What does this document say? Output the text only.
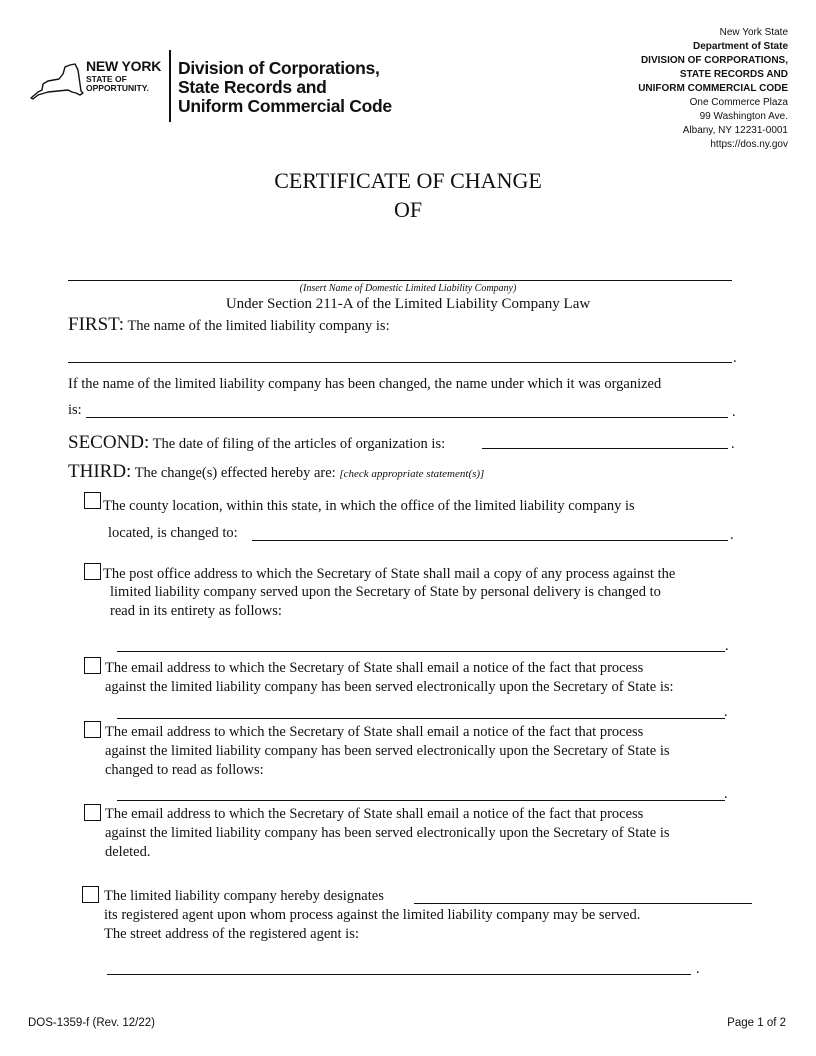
NEW YORK
STATE OF
OPPORTUNITY.
Division of Corporations,
State Records and
Uniform Commercial Code
New York State
Department of State
DIVISION OF CORPORATIONS,
STATE RECORDS AND
UNIFORM COMMERCIAL CODE
One Commerce Plaza
99 Washington Ave.
Albany, NY 12231-0001
https://dos.ny.gov
CERTIFICATE OF CHANGE
OF
(Insert Name of Domestic Limited Liability Company)
Under Section 211-A of the Limited Liability Company Law
FIRST: The name of the limited liability company is:
.
If the name of the limited liability company has been changed, the name under which it was organized
is:	.
SECOND: The date of filing of the articles of organization is:	.
THIRD: The change(s) effected hereby are: [check appropriate statement(s)]
The county location, within this state, in which the office of the limited liability company is
located, is changed to:	.
The post office address to which the Secretary of State shall mail a copy of any process against the
limited liability company served upon the Secretary of State by personal delivery is changed to
read in its entirety as follows:
.
The email address to which the Secretary of State shall email a notice of the fact that process
against the limited liability company has been served electronically upon the Secretary of State is:
.
The email address to which the Secretary of State shall email a notice of the fact that process
against the limited liability company has been served electronically upon the Secretary of State is
changed to read as follows:
.
The email address to which the Secretary of State shall email a notice of the fact that process
against the limited liability company has been served electronically upon the Secretary of State is
deleted.
The limited liability company hereby designates
its registered agent upon whom process against the limited liability company may be served.
The street address of the registered agent is:
.
DOS-1359-f (Rev. 12/22)	Page 1 of 2
